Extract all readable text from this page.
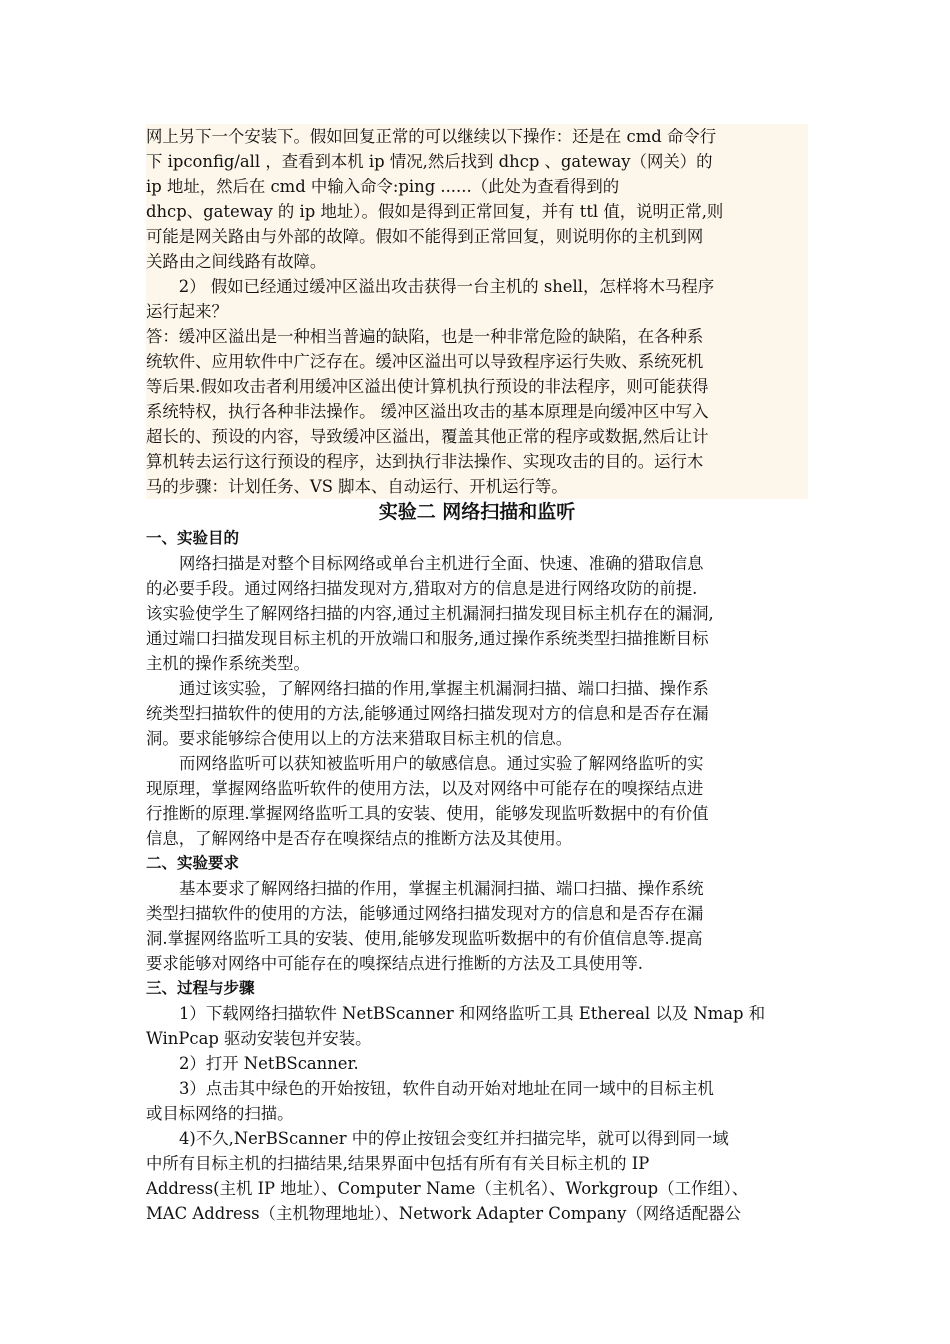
网上另下一个安装下。假如回复正常的可以继续以下操作：还是在 cmd 命令行
下 ipconfig/all ，查看到本机 ip 情况,然后找到 dhcp 、gateway（网关）的
ip 地址，然后在 cmd 中输入命令:ping ......（此处为查看得到的
dhcp、gateway 的 ip 地址）。假如是得到正常回复，并有 ttl 值，说明正常,则
可能是网关路由与外部的故障。假如不能得到正常回复，则说明你的主机到网
关路由之间线路有故障。

　　2） 假如已经通过缓冲区溢出攻击获得一台主机的 shell，怎样将木马程序
运行起来？

答：缓冲区溢出是一种相当普遍的缺陷，也是一种非常危险的缺陷，在各种系
统软件、应用软件中广泛存在。缓冲区溢出可以导致程序运行失败、系统死机
等后果.假如攻击者利用缓冲区溢出使计算机执行预设的非法程序，则可能获得
系统特权，执行各种非法操作。 缓冲区溢出攻击的基本原理是向缓冲区中写入
超长的、预设的内容，导致缓冲区溢出，覆盖其他正常的程序或数据,然后让计
算机转去运行这行预设的程序，达到执行非法操作、实现攻击的目的。运行木
马的步骤：计划任务、VS 脚本、自动运行、开机运行等。

实验二 网络扫描和监听
一、实验目的

网络扫描是对整个目标网络或单台主机进行全面、快速、准确的猎取信息
的必要手段。通过网络扫描发现对方,猎取对方的信息是进行网络攻防的前提.
该实验使学生了解网络扫描的内容,通过主机漏洞扫描发现目标主机存在的漏洞,
通过端口扫描发现目标主机的开放端口和服务,通过操作系统类型扫描推断目标
主机的操作系统类型。

通过该实验，了解网络扫描的作用,掌握主机漏洞扫描、端口扫描、操作系
统类型扫描软件的使用的方法,能够通过网络扫描发现对方的信息和是否存在漏
洞。要求能够综合使用以上的方法来猎取目标主机的信息。

而网络监听可以获知被监听用户的敏感信息。通过实验了解网络监听的实
现原理，掌握网络监听软件的使用方法，以及对网络中可能存在的嗅探结点进
行推断的原理.掌握网络监听工具的安装、使用，能够发现监听数据中的有价值
信息，了解网络中是否存在嗅探结点的推断方法及其使用。

二、实验要求

基本要求了解网络扫描的作用，掌握主机漏洞扫描、端口扫描、操作系统
类型扫描软件的使用的方法，能够通过网络扫描发现对方的信息和是否存在漏
洞.掌握网络监听工具的安装、使用,能够发现监听数据中的有价值信息等.提高
要求能够对网络中可能存在的嗅探结点进行推断的方法及工具使用等.

三、过程与步骤

1）下载网络扫描软件 NetBScanner 和网络监听工具 Ethereal 以及 Nmap 和
WinPcap 驱动安装包并安装。

2）打开 NetBScanner.

3）点击其中绿色的开始按钮，软件自动开始对地址在同一域中的目标主机
或目标网络的扫描。

4)不久,NerBScanner 中的停止按钮会变红并扫描完毕，就可以得到同一域
中所有目标主机的扫描结果,结果界面中包括有所有有关目标主机的 IP
Address(主机 IP 地址）、Computer Name（主机名）、Workgroup（工作组）、
MAC Address（主机物理地址）、Network Adapter Company（网络适配器公
